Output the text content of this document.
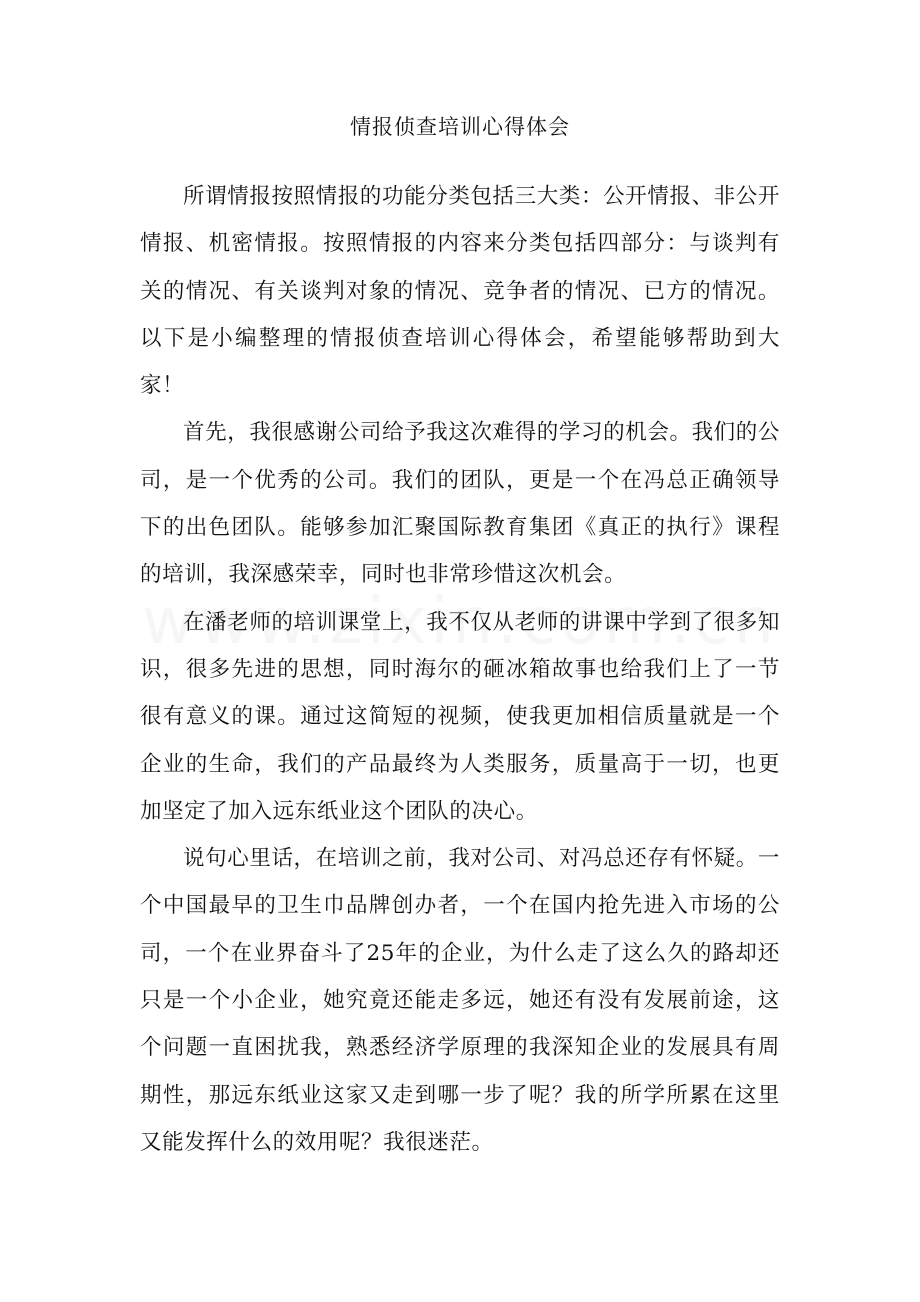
情报侦查培训心得体会

所谓情报按照情报的功能分类包括三大类：公开情报、非公开情报、机密情报。按照情报的内容来分类包括四部分：与谈判有关的情况、有关谈判对象的情况、竞争者的情况、已方的情况。以下是小编整理的情报侦查培训心得体会，希望能够帮助到大家！

首先，我很感谢公司给予我这次难得的学习的机会。我们的公司，是一个优秀的公司。我们的团队，更是一个在冯总正确领导下的出色团队。能够参加汇聚国际教育集团《真正的执行》课程的培训，我深感荣幸，同时也非常珍惜这次机会。

在潘老师的培训课堂上，我不仅从老师的讲课中学到了很多知识，很多先进的思想，同时海尔的砸冰箱故事也给我们上了一节很有意义的课。通过这简短的视频，使我更加相信质量就是一个企业的生命，我们的产品最终为人类服务，质量高于一切，也更加坚定了加入远东纸业这个团队的决心。

说句心里话，在培训之前，我对公司、对冯总还存有怀疑。一个中国最早的卫生巾品牌创办者，一个在国内抢先进入市场的公司，一个在业界奋斗了25年的企业，为什么走了这么久的路却还只是一个小企业，她究竟还能走多远，她还有没有发展前途，这个问题一直困扰我，熟悉经济学原理的我深知企业的发展具有周期性，那远东纸业这家又走到哪一步了呢？我的所学所累在这里又能发挥什么的效用呢？我很迷茫。
